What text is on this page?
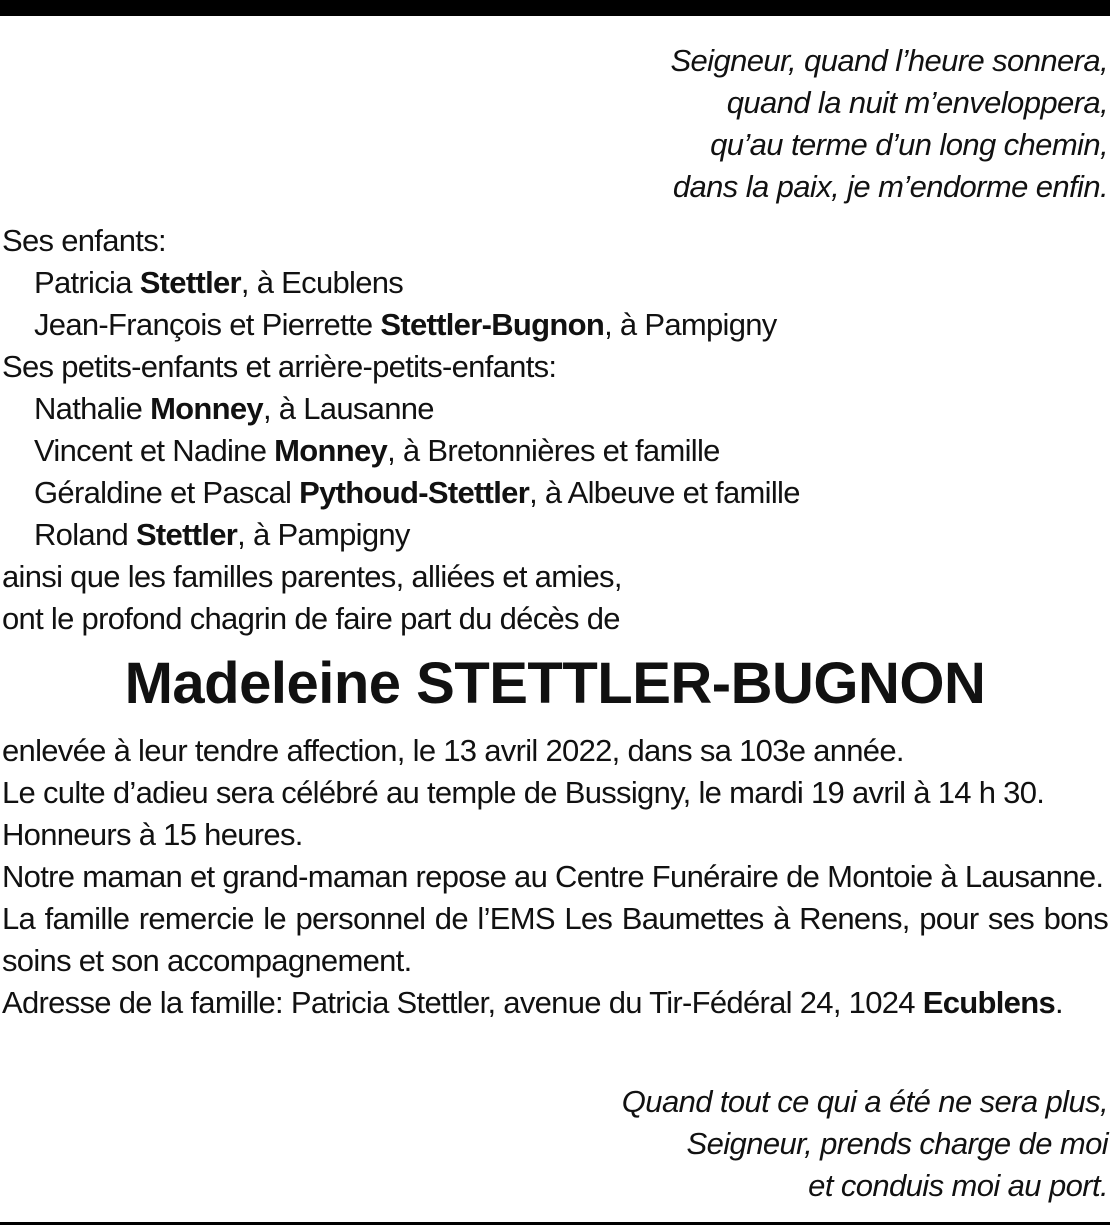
Seigneur, quand l’heure sonnera,
quand la nuit m’enveloppera,
qu’au terme d’un long chemin,
dans la paix, je m’endorme enfin.
Ses enfants:
Patricia Stettler, à Ecublens
Jean-François et Pierrette Stettler-Bugnon, à Pampigny
Ses petits-enfants et arrière-petits-enfants:
Nathalie Monney, à Lausanne
Vincent et Nadine Monney, à Bretonnières et famille
Géraldine et Pascal Pythoud-Stettler, à Albeuve et famille
Roland Stettler, à Pampigny
ainsi que les familles parentes, alliées et amies,
ont le profond chagrin de faire part du décès de
Madeleine STETTLER-BUGNON
enlevée à leur tendre affection, le 13 avril 2022, dans sa 103e année.
Le culte d’adieu sera célébré au temple de Bussigny, le mardi 19 avril à 14 h 30.
Honneurs à 15 heures.
Notre maman et grand-maman repose au Centre Funéraire de Montoie à Lausanne.
La famille remercie le personnel de l’EMS Les Baumettes à Renens, pour ses bons soins et son accompagnement.
Adresse de la famille: Patricia Stettler, avenue du Tir-Fédéral 24, 1024 Ecublens.
Quand tout ce qui a été ne sera plus,
Seigneur, prends charge de moi
et conduis moi au port.
